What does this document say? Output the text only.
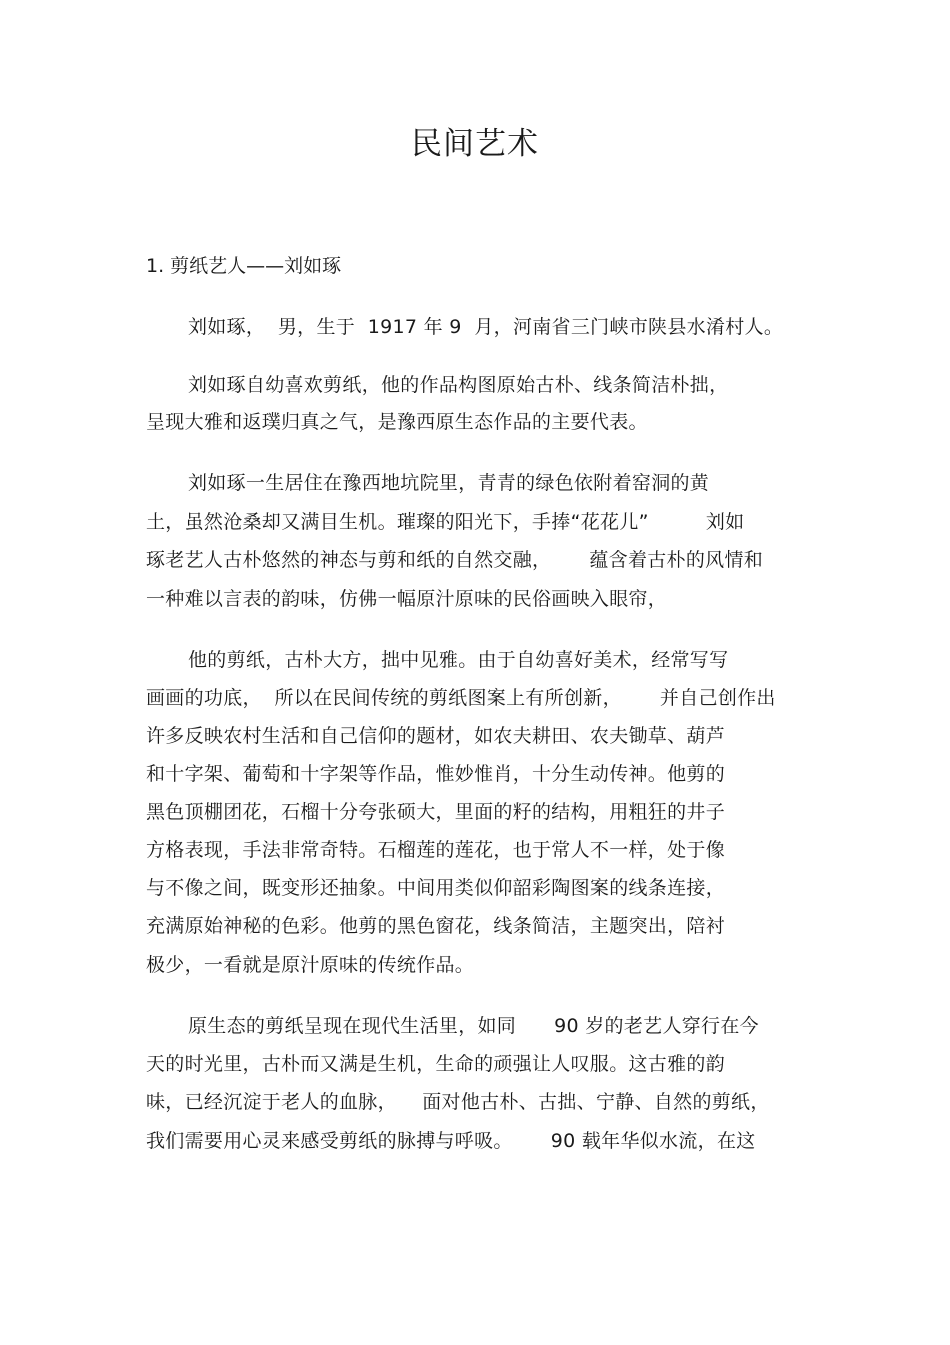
民间艺术
1. 剪纸艺人——刘如琢
刘如琢，  男，生于  1917 年 9  月，河南省三门峡市陕县水淆村人。
刘如琢自幼喜欢剪纸，他的作品构图原始古朴、线条简洁朴拙，
呈现大雅和返璞归真之气，是豫西原生态作品的主要代表。
刘如琢一生居住在豫西地坑院里，青青的绿色依附着窑洞的黄
土，虽然沧桑却又满目生机。璀璨的阳光下，手捧“花花儿”         刘如
琢老艺人古朴悠然的神态与剪和纸的自然交融，      蕴含着古朴的风情和
一种难以言表的韵味，仿佛一幅原汁原味的民俗画映入眼帘，
他的剪纸，古朴大方，拙中见雅。由于自幼喜好美术，经常写写
画画的功底，  所以在民间传统的剪纸图案上有所创新，      并自己创作出
许多反映农村生活和自己信仰的题材，如农夫耕田、农夫锄草、葫芦
和十字架、葡萄和十字架等作品，惟妙惟肖，十分生动传神。他剪的
黑色顶棚团花，石榴十分夸张硕大，里面的籽的结构，用粗狂的井子
方格表现，手法非常奇特。石榴莲的莲花，也于常人不一样，处于像
与不像之间，既变形还抽象。中间用类似仰韶彩陶图案的线条连接，
充满原始神秘的色彩。他剪的黑色窗花，线条简洁，主题突出，陪衬
极少，一看就是原汁原味的传统作品。
原生态的剪纸呈现在现代生活里，如同      90 岁的老艺人穿行在今
天的时光里，古朴而又满是生机，生命的顽强让人叹服。这古雅的韵
味，已经沉淀于老人的血脉，    面对他古朴、古拙、宁静、自然的剪纸，
我们需要用心灵来感受剪纸的脉搏与呼吸。      90 载年华似水流，在这
